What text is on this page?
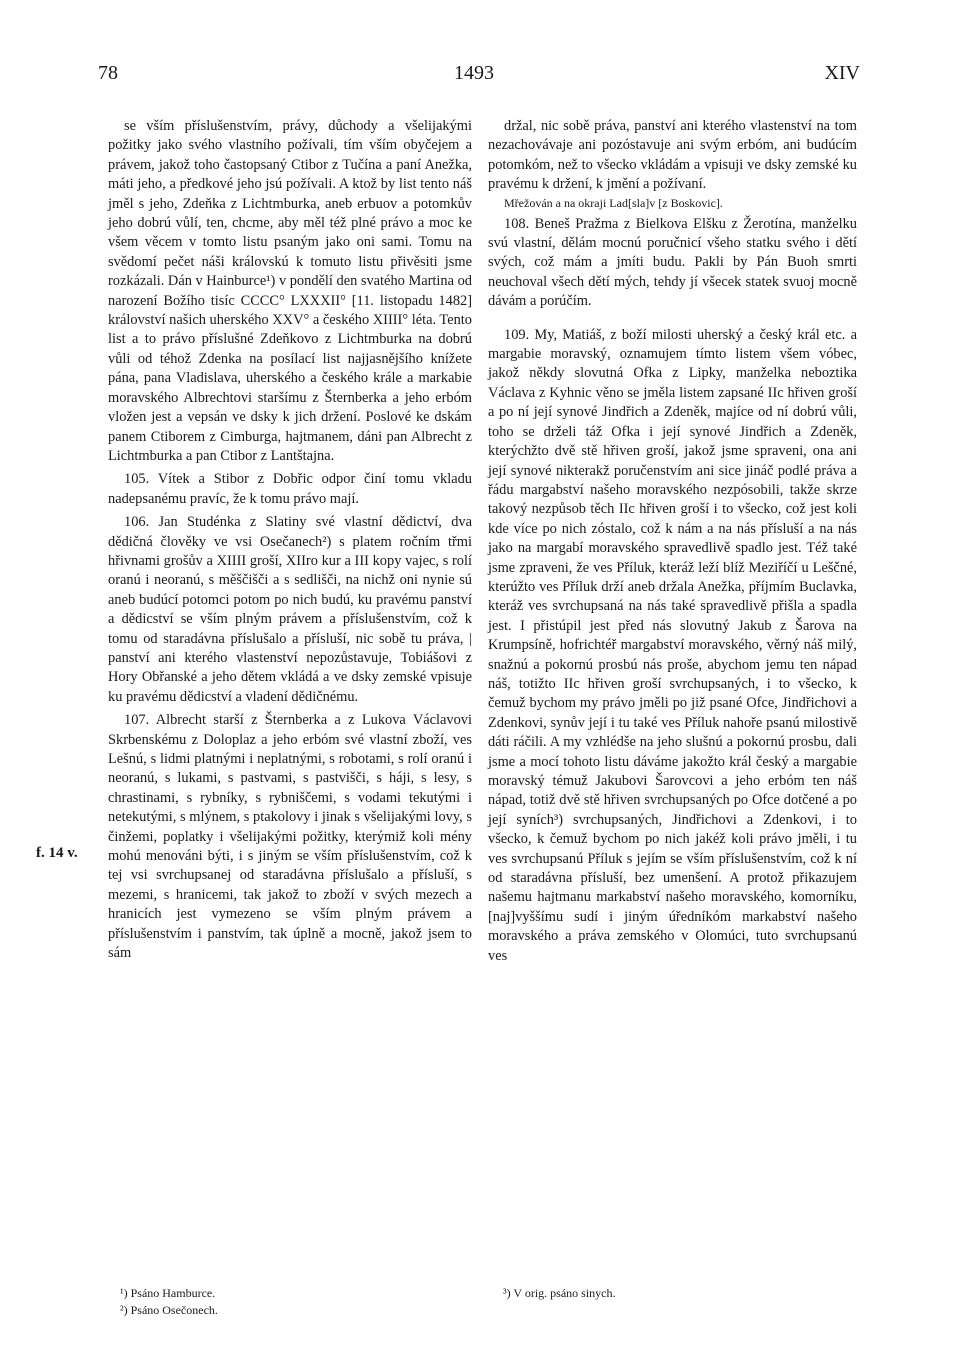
78	1493	XIV

se vším příslušenstvím, právy, důchody a všelijakými požitky jako svého vlastního požívali, tím vším obyčejem a právem, jakož toho častopsaný Ctibor z Tučína a paní Anežka, máti jeho, a předkové jeho jsú požívali. A ktož by list tento náš jměl s jeho, Zdeňka z Lichtmburka, aneb erbuov a potomkův jeho dobrú vůlí, ten, chcme, aby měl též plné právo a moc ke všem věcem v tomto listu psaným jako oni sami. Tomu na svědomí pečet náši královskú k tomuto listu přivěsiti jsme rozkázali. Dán v Hainburce¹) v pondělí den svatého Martina od narození Božího tisíc CCCC° LXXXII° [11. listopadu 1482] království našich uherského XXV° a českého XIIII° léta. Tento list a to právo příslušné Zdeňkovo z Lichtmburka na dobrú vůli od téhož Zdenka na posílací list najjasnějšího knížete pána, pana Vladislava, uherského a českého krále a markabie moravského Albrechtovi staršímu z Šternberka a jeho erbóm vložen jest a vepsán ve dsky k jich držení. Poslové ke dskám panem Ctiborem z Cimburga, hajtmanem, dáni pan Albrecht z Lichtmburka a pan Ctibor z Lantštajna.

105. Vítek a Stibor z Dobřic odpor činí tomu vkladu nadepsanému pravíc, že k tomu právo mají.

106. Jan Studénka z Slatiny své vlastní dědictví, dva dědičná člověky ve vsi Osečanech²) s platem ročním třmi hřivnami grošův a XIIII groší, XIIro kur a III kopy vajec, s rolí oranú i neoranú, s měščišči a s sedlišči, na nichž oni nynie sú aneb budúcí potomci potom po nich budú, ku pravému panství a dědicství se vším plným právem a příslušenstvím, což k tomu od staradávna příslušalo a přísluší, nic sobě tu práva, | panství ani kterého vlastenství nepozůstavuje, Tobiášovi z Hory Obřanské a jeho dětem vkládá a ve dsky zemské vpisuje ku pravému dědicství a vladení dědičnému.

107. Albrecht starší z Šternberka a z Lukova Václavovi Skrbenskému z Doloplaz a jeho erbóm své vlastní zboží, ves Lešnú, s lidmi platnými i neplatnými, s robotami, s rolí oranú i neoranú, s lukami, s pastvami, s pastvišči, s háji, s lesy, s chrastinami, s rybníky, s rybniščemi, s vodami tekutými i netekutými, s mlýnem, s ptakolovy i jinak s všelijakými lovy, s činžemi, poplatky i všelijakými požitky, kterýmiž koli mény mohú menováni býti, i s jiným se vším příslušenstvím, což k tej vsi svrchupsanej od staradávna příslušalo a přísluší, s mezemi, s hranicemi, tak jakož to zboží v svých mezech a hranicích jest vymezeno se vším plným právem a příslušenstvím i panstvím, tak úplně a mocně, jakož jsem to sám

držal, nic sobě práva, panství ani kterého vlastenství na tom nezachovávaje ani pozóstavuje ani svým erbóm, ani budúcím potomkóm, než to všecko vkládám a vpisuji ve dsky zemské ku pravému k držení, k jmění a požívaní.

Mřežován a na okraji Lad[sla]v [z Boskovic].

108. Beneš Pražma z Bielkova Elšku z Žerotína, manželku svú vlastní, dělám mocnú poručnicí všeho statku svého i dětí svých, což mám a jmíti budu. Pakli by Pán Buoh smrti neuchoval všech dětí mých, tehdy jí všecek statek svuoj mocně dávám a porúčím.

109. My, Matiáš, z boží milosti uherský a český král etc. a margabie moravský, oznamujem tímto listem všem vóbec, jakož někdy slovutná Ofka z Lipky, manželka neboztika Václava z Kyhnic věno se jměla listem zapsané IIc hřiven groší a po ní její synové Jindřich a Zdeněk, majíce od ní dobrú vůli, toho se drželi táž Ofka i její synové Jindřich a Zdeněk, kterýchžto dvě stě hřiven groší, jakož jsme spraveni, ona ani její synové nikterakž poručenstvím ani sice jináč podlé práva a řádu margabství našeho moravského nezpósobili, takže skrze takový nezpůsob těch IIc hřiven groší i to všecko, což jest koli kde více po nich zóstalo, což k nám a na nás přísluší a na nás jako na margabí moravského spravedlivě spadlo jest. Též také jsme zpraveni, že ves Příluk, kteráž leží blíž Meziříčí u Leščné, kterúžto ves Příluk drží aneb držala Anežka, příjmím Buclavka, kteráž ves svrchupsaná na nás také spravedlivě přišla a spadla jest. I přistúpil jest před nás slovutný Jakub z Šarova na Krumpsíně, hofrichtéř margabství moravského, věrný náš milý, snažnú a pokornú prosbú nás proše, abychom jemu ten nápad náš, totižto IIc hřiven groší svrchupsaných, i to všecko, k čemuž bychom my právo jměli po již psané Ofce, Jindřichovi a Zdenkovi, synův její i tu také ves Příluk nahoře psanú milostivě dáti ráčili. A my vzhlédše na jeho slušnú a pokornú prosbu, dali jsme a mocí tohoto listu dáváme jakožto král český a margabie moravský témuž Jakubovi Šarovcovi a jeho erbóm ten náš nápad, totiž dvě stě hřiven svrchupsaných po Ofce dotčené a po její syních³) svrchupsaných, Jindřichovi a Zdenkovi, i to všecko, k čemuž bychom po nich jakéž koli právo jměli, i tu ves svrchupsanú Příluk s jejím se vším příslušenstvím, což k ní od staradávna přísluší, bez umenšení. A protož přikazujem našemu hajtmanu markabství našeho moravského, komorníku, [naj]vyššímu sudí i jiným úředníkóm markabství našeho moravského a práva zemského v Olomúci, tuto svrchupsanú ves

f. 14 v.
¹) Psáno Hamburce.
²) Psáno Osečonech.
³) V orig. psáno sinych.
